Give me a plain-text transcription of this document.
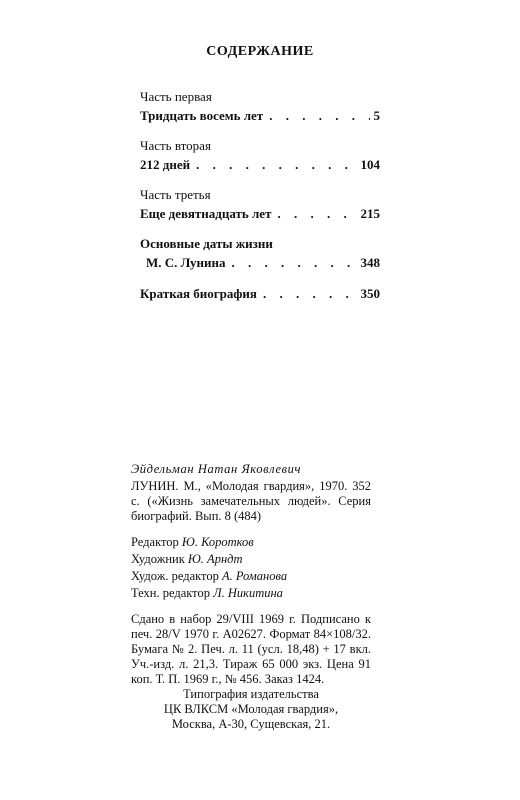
СОДЕРЖАНИЕ
Часть первая
Тридцать восемь лет . . .	5
Часть вторая
212 дней . . .	104
Часть третья
Еще девятнадцать лет . . .	215
Основные даты жизни
М. С. Лунина . . .	348
Краткая биография . . .	350
Эйдельман Натан Яковлевич
ЛУНИН. М., «Молодая гвардия», 1970. 352 с. («Жизнь замечательных людей». Серия биографий. Вып. 8 (484)
Редактор Ю. Коротков
Художник Ю. Арндт
Худож. редактор А. Романова
Техн. редактор Л. Никитина
Сдано в набор 29/VIII 1969 г. Подписано к печ. 28/V 1970 г. А02627. Формат 84×108/32. Бумага № 2. Печ. л. 11 (усл. 18,48) + 17 вкл. Уч.-изд. л. 21,3. Тираж 65 000 экз. Цена 91 коп. Т. П. 1969 г., № 456. Заказ 1424.
Типография издательства
ЦК ВЛКСМ «Молодая гвардия»,
Москва, А-30, Сущевская, 21.
